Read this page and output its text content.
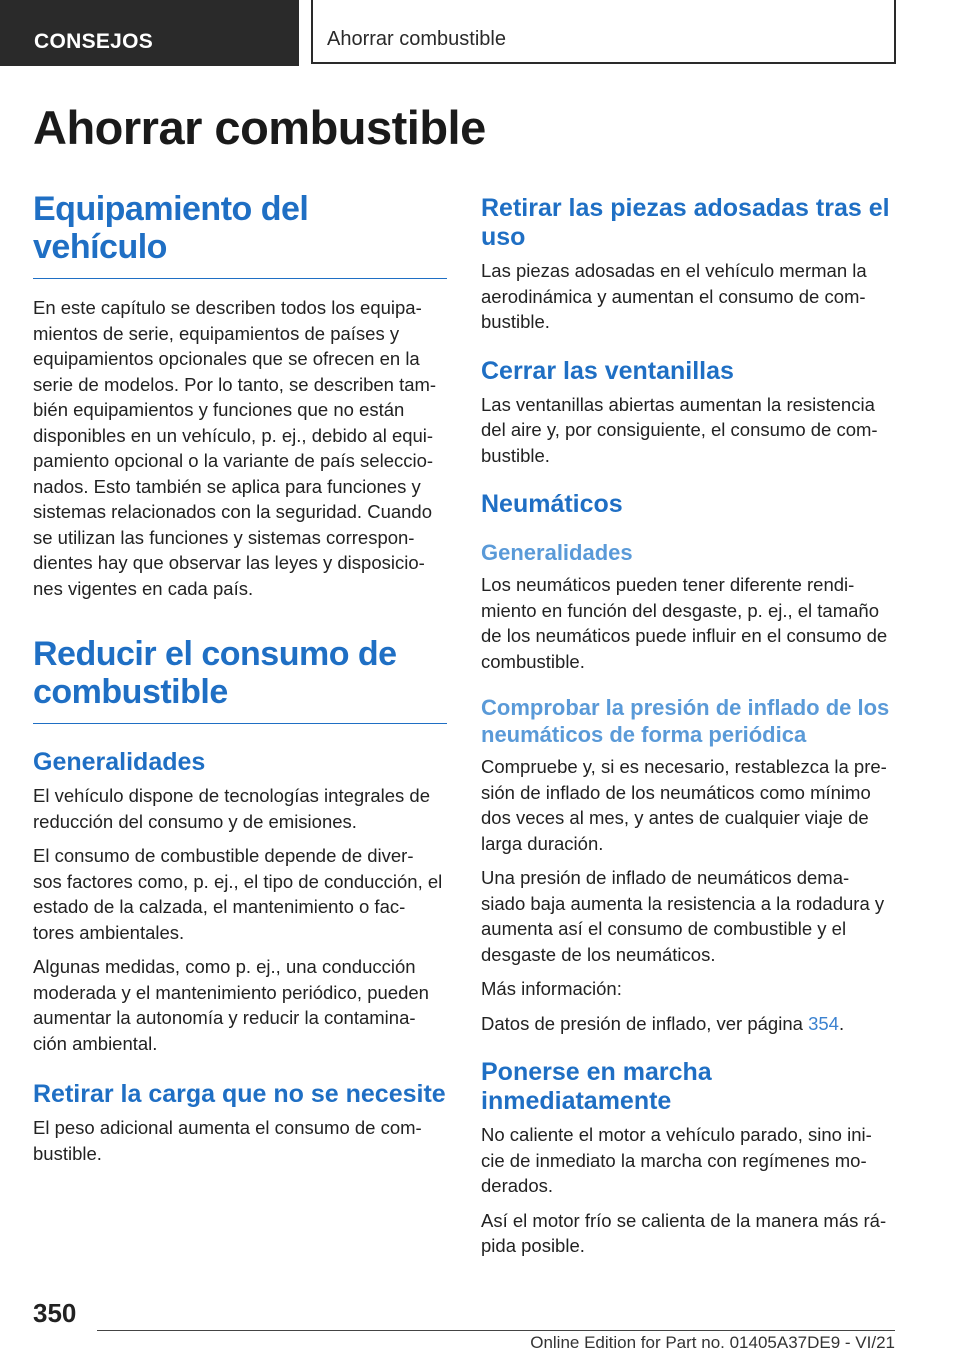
CONSEJOS	Ahorrar combustible
Ahorrar combustible
Equipamiento del vehículo

En este capítulo se describen todos los equipa‐ mientos de serie, equipamientos de países y equipamientos opcionales que se ofrecen en la serie de modelos. Por lo tanto, se describen tam‐ bién equipamientos y funciones que no están disponibles en un vehículo, p. ej., debido al equi‐ pamiento opcional o la variante de país seleccio‐ nados. Esto también se aplica para funciones y sistemas relacionados con la seguridad. Cuando se utilizan las funciones y sistemas correspon‐ dientes hay que observar las leyes y disposicio‐ nes vigentes en cada país.

Reducir el consumo de combustible
Generalidades

El vehículo dispone de tecnologías integrales de reducción del consumo y de emisiones.

El consumo de combustible depende de diver‐ sos factores como, p. ej., el tipo de conducción, el estado de la calzada, el mantenimiento o fac‐ tores ambientales.

Algunas medidas, como p. ej., una conducción moderada y el mantenimiento periódico, pueden aumentar la autonomía y reducir la contamina‐ ción ambiental.

Retirar la carga que no se necesite

El peso adicional aumenta el consumo de com‐ bustible.

Retirar las piezas adosadas tras el uso

Las piezas adosadas en el vehículo merman la aerodinámica y aumentan el consumo de com‐ bustible.

Cerrar las ventanillas

Las ventanillas abiertas aumentan la resistencia del aire y, por consiguiente, el consumo de com‐ bustible.

Neumáticos
Generalidades

Los neumáticos pueden tener diferente rendi‐ miento en función del desgaste, p. ej., el tamaño de los neumáticos puede influir en el consumo de combustible.

Comprobar la presión de inflado de los neumáticos de forma periódica

Compruebe y, si es necesario, restablezca la pre‐ sión de inflado de los neumáticos como mínimo dos veces al mes, y antes de cualquier viaje de larga duración.

Una presión de inflado de neumáticos dema‐ siado baja aumenta la resistencia a la rodadura y aumenta así el consumo de combustible y el desgaste de los neumáticos.

Más información:

Datos de presión de inflado, ver página 354.

Ponerse en marcha inmediatamente

No caliente el motor a vehículo parado, sino ini‐ cie de inmediato la marcha con regímenes mo‐ derados.

Así el motor frío se calienta de la manera más rá‐ pida posible.

350
Online Edition for Part no. 01405A37DE9 - VI/21
